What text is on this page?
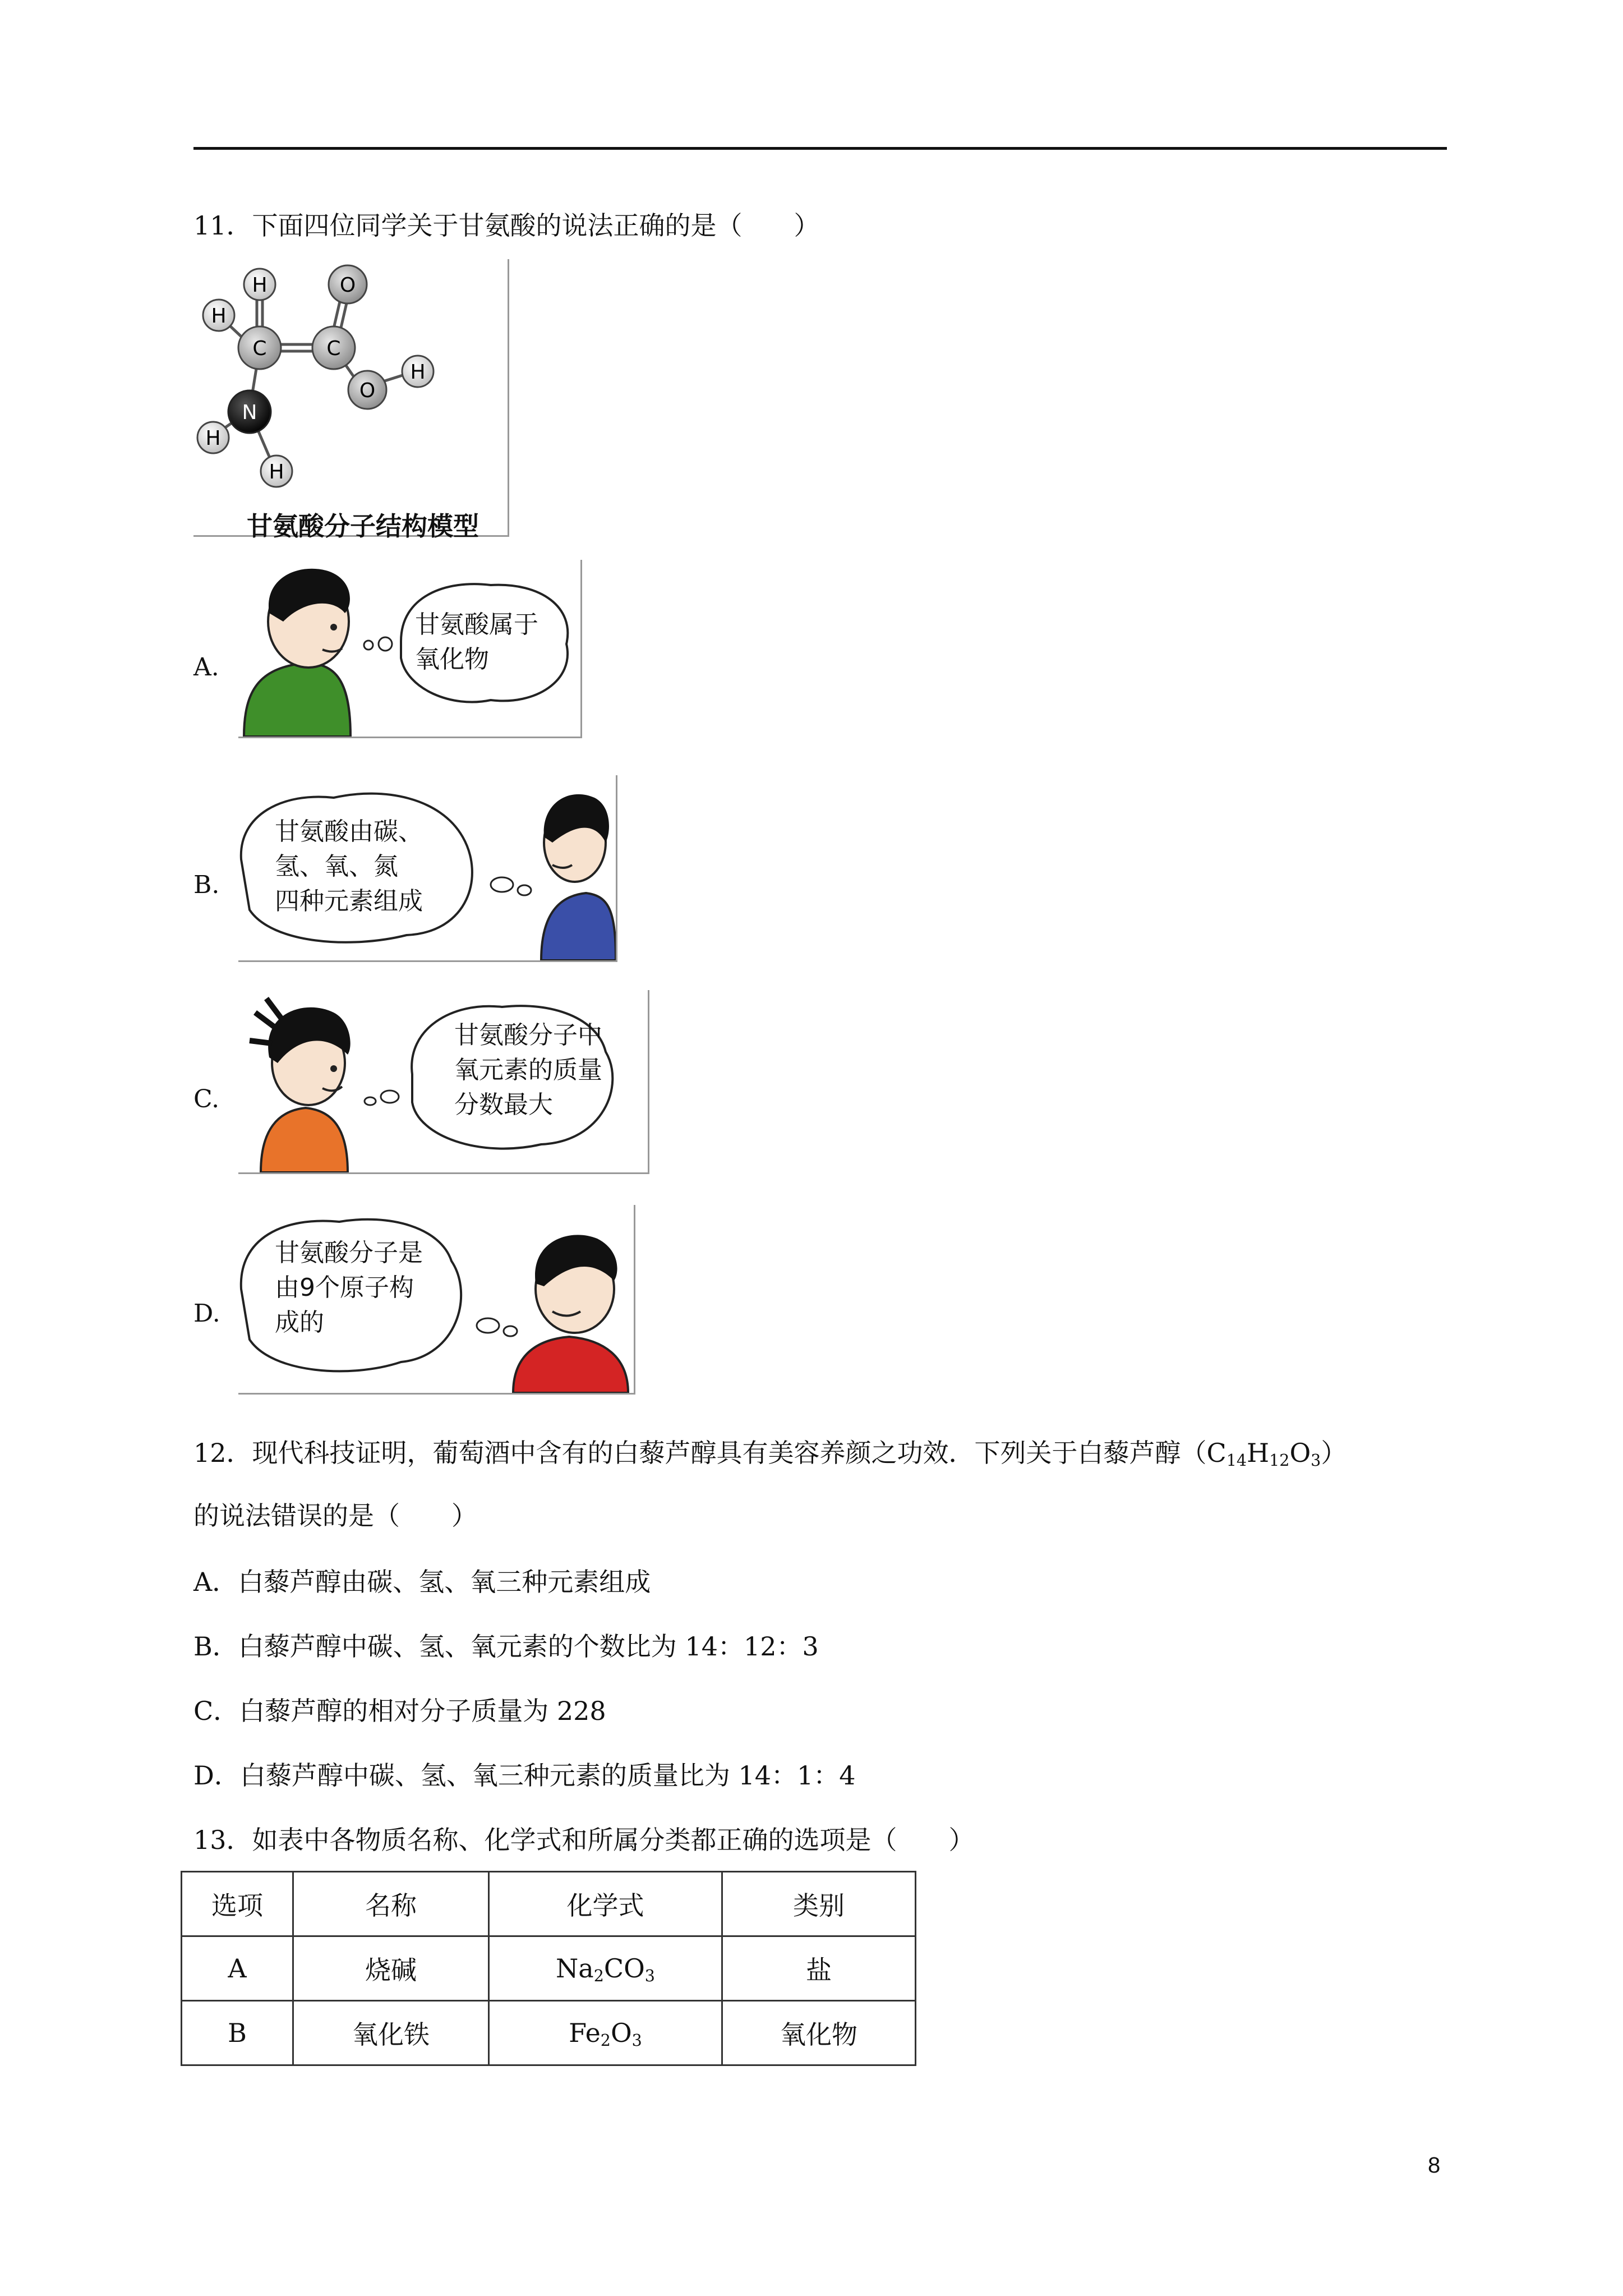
11．下面四位同学关于甘氨酸的说法正确的是（　　）
H
H
C	C
O
O
H
N
H
H
甘氨酸分子结构模型
A.
甘氨酸属于
氧化物
B.
甘氨酸由碳、
氢、氧、氮
四种元素组成
C.
甘氨酸分子中
氧元素的质量
分数最大
D.
甘氨酸分子是
由9个原子构
成的
12．现代科技证明，葡萄酒中含有的白藜芦醇具有美容养颜之功效．下列关于白藜芦醇$(C_{14}H_{12}O_3)$
的说法错误的是（　　）
A．白藜芦醇由碳、氢、氧三种元素组成
B．白藜芦醇中碳、氢、氧元素的个数比为 14：12：3
C．白藜芦醇的相对分子质量为 228
D．白藜芦醇中碳、氢、氧三种元素的质量比为 14：1：4
13．如表中各物质名称、化学式和所属分类都正确的选项是（　　）
选项	名称	化学式	类别
A	烧碱	$Na_2CO_3$	盐
B	氧化铁	$Fe_2O_3$	氧化物
8
